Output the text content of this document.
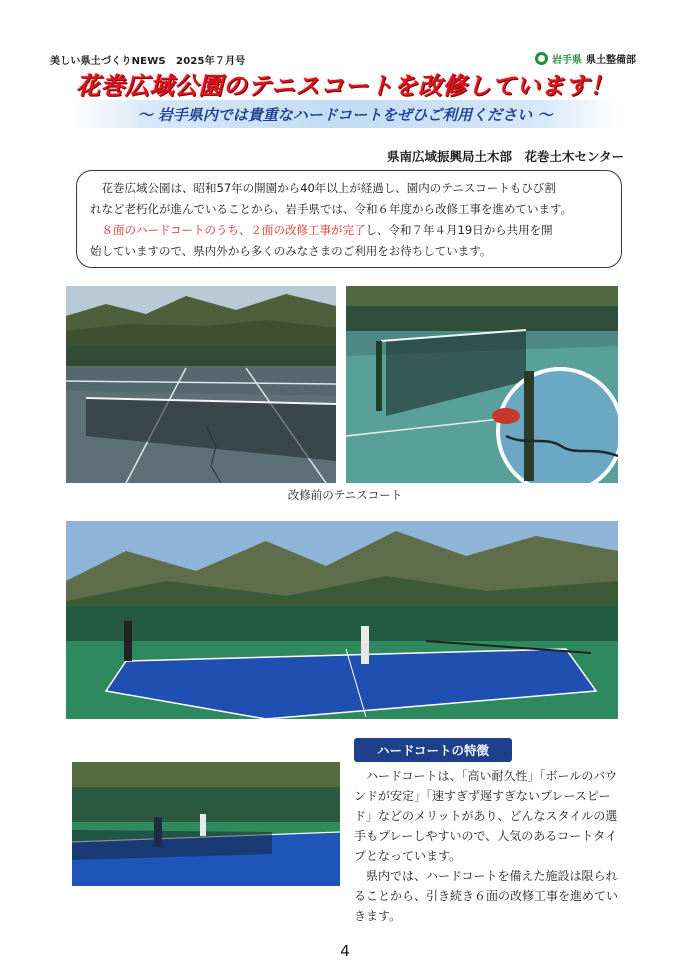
美しい県土づくりNEWS　2025年７月号	岩手県 県土整備部
花巻広域公園のテニスコートを改修しています！
～ 岩手県内では貴重なハードコートをぜひご利用ください ～
県南広域振興局土木部　花巻土木センター
花巻広域公園は、昭和57年の開園から40年以上が経過し、園内のテニスコートもひび割
れなど老朽化が進んでいることから、岩手県では、令和６年度から改修工事を進めています。
８面のハードコートのうち、２面の改修工事が完了し、令和７年４月19日から共用を開
始していますので、県内外から多くのみなさまのご利用をお待ちしています。
改修前のテニスコート
ハードコートの特徴

ハードコートは、「高い耐久性」「ボールのバウンドが安定」「速すぎず遅すぎないプレースピード」などのメリットがあり、どんなスタイルの選手もプレーしやすいので、人気のあるコートタイプとなっています。

県内では、ハードコートを備えた施設は限られることから、引き続き６面の改修工事を進めていきます。

4
